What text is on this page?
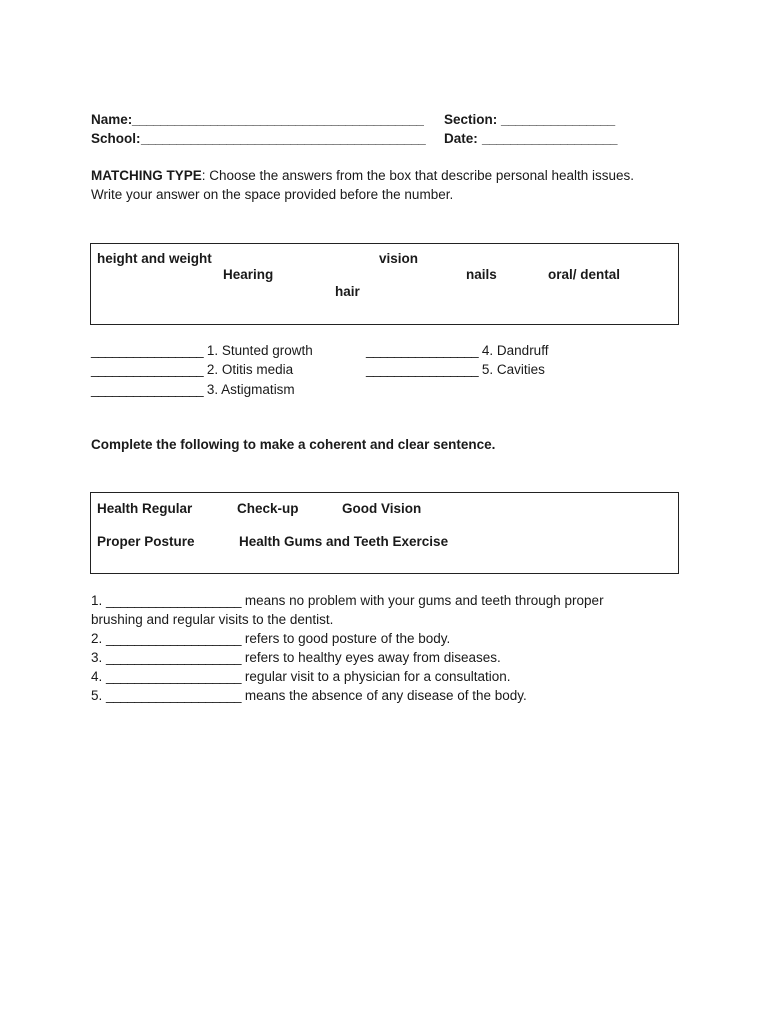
Name: _________________________________________ Section: ________________
School: ________________________________________ Date: ___________________
MATCHING TYPE: Choose the answers from the box that describe personal health issues.
Write your answer on the space provided before the number.
height and weight	vision
Hearing	nails	oral/ dental
hair
________________ 1. Stunted growth
________________ 2. Otitis media
________________ 3. Astigmatism
________________ 4. Dandruff
________________ 5. Cavities
Complete the following to make a coherent and clear sentence.
Health Regular	Check-up	Good Vision
Proper Posture	Health Gums and Teeth Exercise
1. ___________________ means no problem with your gums and teeth through proper
brushing and regular visits to the dentist.
2. ___________________ refers to good posture of the body.
3. ___________________ refers to healthy eyes away from diseases.
4. ___________________ regular visit to a physician for a consultation.
5. ___________________ means the absence of any disease of the body.
